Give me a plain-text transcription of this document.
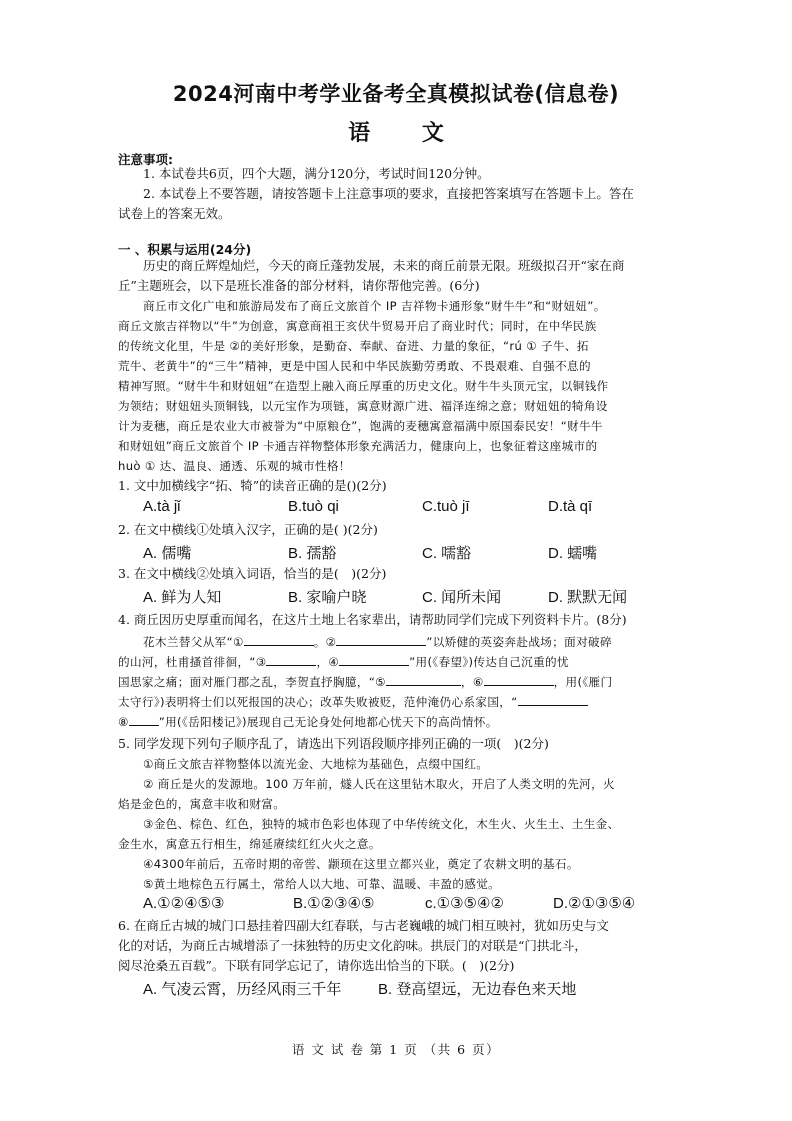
2024河南中考学业备考全真模拟试卷(信息卷)
语 文
注意事项:
1. 本试卷共6页，四个大题，满分120分，考试时间120分钟。
2. 本试卷上不要答题，请按答题卡上注意事项的要求，直接把答案填写在答题卡上。答在
试卷上的答案无效。
一 、积累与运用(24分)
历史的商丘辉煌灿烂，今天的商丘蓬勃发展，未来的商丘前景无限。班级拟召开“家在商
丘”主题班会，以下是班长准备的部分材料，请你帮他完善。(6分)
商丘市文化广电和旅游局发布了商丘文旅首个 IP 吉祥物卡通形象“财牛牛”和“财妞妞”。
商丘文旅吉祥物以“牛”为创意，寓意商祖王亥伏牛贸易开启了商业时代；同时，在中华民族
的传统文化里，牛是 ②的美好形象，是勤奋、奉献、奋进、力量的象征，“rú ① 子牛、拓
荒牛、老黄牛”的“三牛”精神，更是中国人民和中华民族勤劳勇敢、不畏艰难、自强不息的
精神写照。“财牛牛和财妞妞”在造型上融入商丘厚重的历史文化。财牛牛头顶元宝，以铜钱作
为领结；财妞妞头顶铜钱，以元宝作为项链，寓意财源广进、福泽连绵之意；财妞妞的犄角设
计为麦穗，商丘是农业大市被誉为“中原粮仓”，饱满的麦穗寓意福满中原国泰民安！“财牛牛
和财妞妞”商丘文旅首个 IP 卡通吉祥物整体形象充满活力，健康向上，也象征着这座城市的
huò ① 达、温良、通透、乐观的城市性格！
1. 文中加横线字“拓、犄”的读音正确的是()(2分)
A.tà jǐ	B.tuò qi	C.tuò jī	D.tà qī
2. 在文中横线①处填入汉字，正确的是( )(2分)
A. 儒嘴	B. 孺豁	C. 嚅豁	D. 蠕嘴
3. 在文中横线②处填入词语，恰当的是(　)(2分)
A. 鲜为人知	B. 家喻户晓	C. 闻所未闻	D. 默默无闻
4. 商丘因历史厚重而闻名，在这片土地上名家辈出，请帮助同学们完成下列资料卡片。(8分)
花木兰替父从军“①	。②	”以矫健的英姿奔赴战场；面对破碎
的山河，杜甫搔首徘徊，“③	，④	”用(《春望》)传达自己沉重的忧
国思家之痛；面对雁门郡之乱，李贺直抒胸臆，“⑤	，⑥	，用(《雁门
太守行》)表明将士们以死报国的决心；改革失败被贬，范仲淹仍心系家国，“
⑧	”用(《岳阳楼记》)展现自己无论身处何地都心忧天下的高尚情怀。
5. 同学发现下列句子顺序乱了，请选出下列语段顺序排列正确的一项(　)(2分)
①商丘文旅吉祥物整体以流光金、大地棕为基础色，点缀中国红。
② 商丘是火的发源地。100 万年前，燧人氏在这里钻木取火，开启了人类文明的先河，火
焰是金色的，寓意丰收和财富。
③金色、棕色、红色，独特的城市色彩也体现了中华传统文化，木生火、火生土、土生金、
金生水，寓意五行相生，绵延赓续红红火火之意。
④4300年前后，五帝时期的帝喾、颛顼在这里立都兴业，奠定了农耕文明的基石。
⑤黄土地棕色五行属土，常给人以大地、可靠、温暖、丰盈的感觉。
A.①②④⑤③	B.①②③④⑤	c.①③⑤④②	D.②①③⑤④
6. 在商丘古城的城门口悬挂着四副大红春联，与古老巍峨的城门相互映衬，犹如历史与文
化的对话，为商丘古城增添了一抹独特的历史文化韵味。拱辰门的对联是“门拱北斗，
阅尽沧桑五百载”。下联有同学忘记了，请你选出恰当的下联。(　)(2分)
A. 气凌云霄，历经风雨三千年 B. 登高望远，无边春色来天地
语 文 试 卷 第 1 页 （共 6 页）
